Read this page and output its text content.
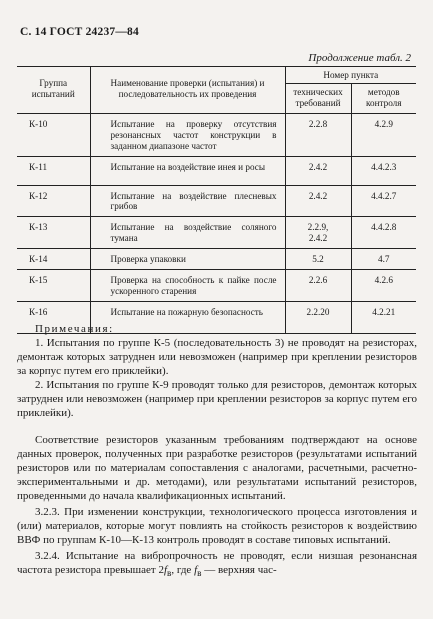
С. 14 ГОСТ 24237—84
Продолжение табл. 2
Группа испытаний	Наименование проверки (испытания) и последовательность их проведения	Номер пункта	
		технических требований	методов контроля
К-10	Испытание на проверку отсутствия резонансных частот конструкции в заданном диапазоне частот	2.2.8	4.2.9
К-11	Испытание на воздействие инея и росы	2.4.2	4.4.2.3
К-12	Испытание на воздействие плесневых грибов	2.4.2	4.4.2.7
К-13	Испытание на воздействие соляного тумана	2.2.9, 2.4.2	4.4.2.8
К-14	Проверка упаковки	5.2	4.7
К-15	Проверка на способность к пайке после ускоренного старения	2.2.6	4.2.6
К-16	Испытание на пожарную безопасность	2.2.20	4.2.21
Примечания:
1. Испытания по группе К-5 (последовательность 3) не проводят на резисторах, демонтаж которых затруднен или невозможен (например при креплении резисторов за корпус путем его приклейки).
2. Испытания по группе К-9 проводят только для резисторов, демонтаж которых затруднен или невозможен (например при креплении резисторов за корпус путем его приклейки).
Соответствие резисторов указанным требованиям подтверждают на основе данных проверок, полученных при разработке резисторов (результатами испытаний резисторов или по материалам сопоставления с аналогами, расчетными, расчетно-экспериментальными и др. методами), или результатами испытаний резисторов, проведенными до начала квалификационных испытаний.
3.2.3. При изменении конструкции, технологического процесса изготовления и (или) материалов, которые могут повлиять на стойкость резисторов к воздействию ВВФ по группам К-10—К-13 контроль проводят в составе типовых испытаний.
3.2.4. Испытание на вибропрочность не проводят, если низшая резонансная частота резистора превышает $2f_в$, где $f_в$ — верхняя час-
